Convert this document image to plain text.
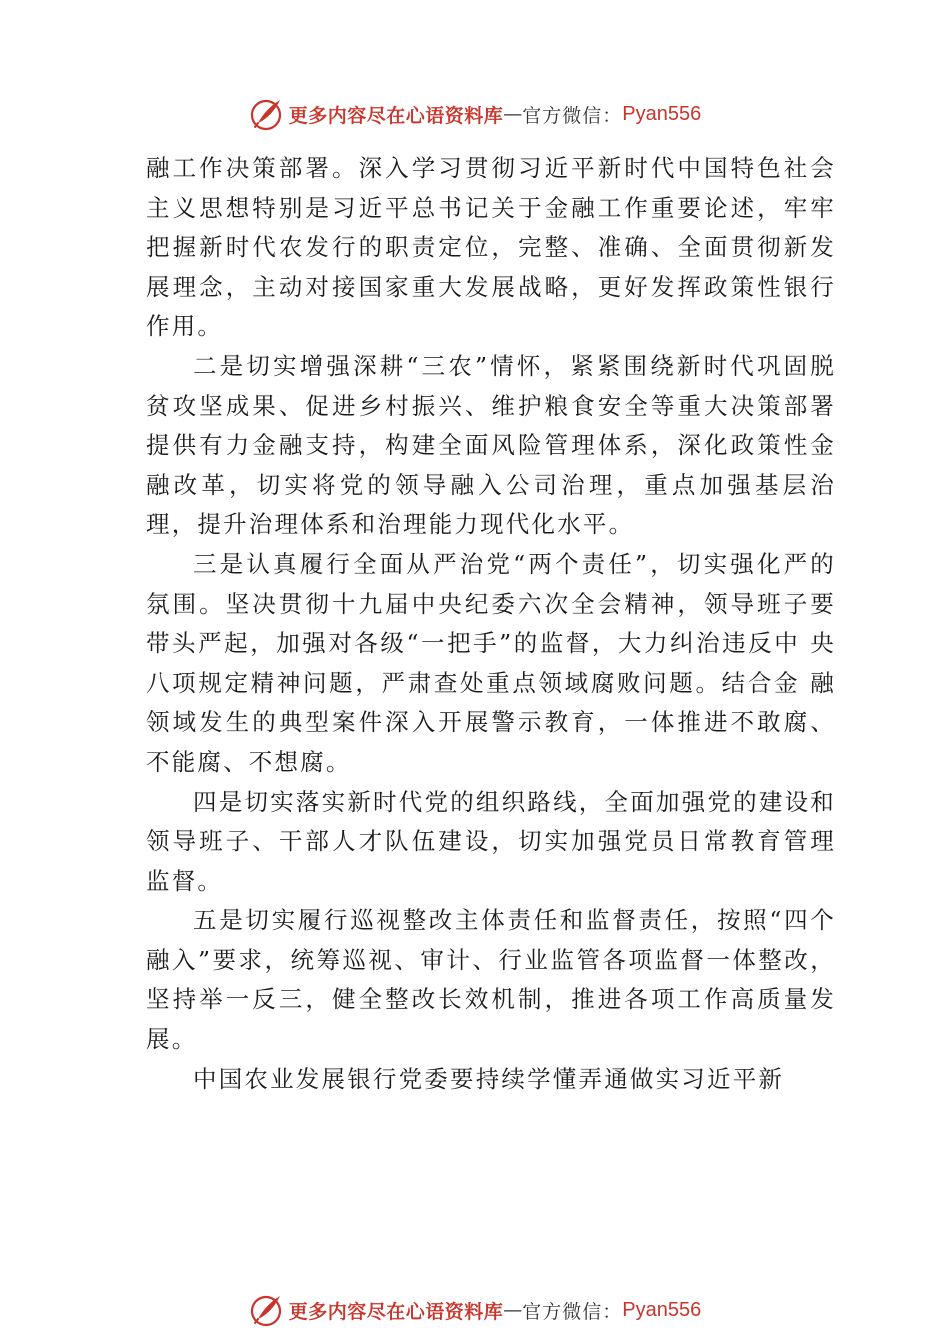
更多内容尽在心语资料库 — 官方微信： Pyan556

融工作决策部署。深入学习贯彻习近平新时代中国特色社会主义思想特别是习近平总书记关于金融工作重要论述，牢牢把握新时代农发行的职责定位，完整、准确、全面贯彻新发展理念，主动对接国家重大发展战略，更好发挥政策性银行作用。

二是切实增强深耕“三农”情怀，紧紧围绕新时代巩固脱贫攻坚成果、促进乡村振兴、维护粮食安全等重大决策部署提供有力金融支持，构建全面风险管理体系，深化政策性金融改革，切实将党的领导融入公司治理，重点加强基层治理，提升治理体系和治理能力现代化水平。

三是认真履行全面从严治党“两个责任”，切实强化严的 氛围。坚决贯彻十九届中央纪委六次全会精神，领导班子要 带头严起，加强对各级“一把手”的监督，大力纠治违反中 央八项规定精神问题，严肃查处重点领域腐败问题。结合金 融领域发生的典型案件深入开展警示教育，一体推进不敢腐、不能腐、不想腐。

四是切实落实新时代党的组织路线，全面加强党的建设和领导班子、干部人才队伍建设，切实加强党员日常教育管理监督。

五是切实履行巡视整改主体责任和监督责任，按照“四个融入”要求，统筹巡视、审计、行业监管各项监督一体整改，坚持举一反三，健全整改长效机制，推进各项工作高质量发展。

中国农业发展银行党委要持续学懂弄通做实习近平新

更多内容尽在心语资料库 — 官方微信： Pyan556
